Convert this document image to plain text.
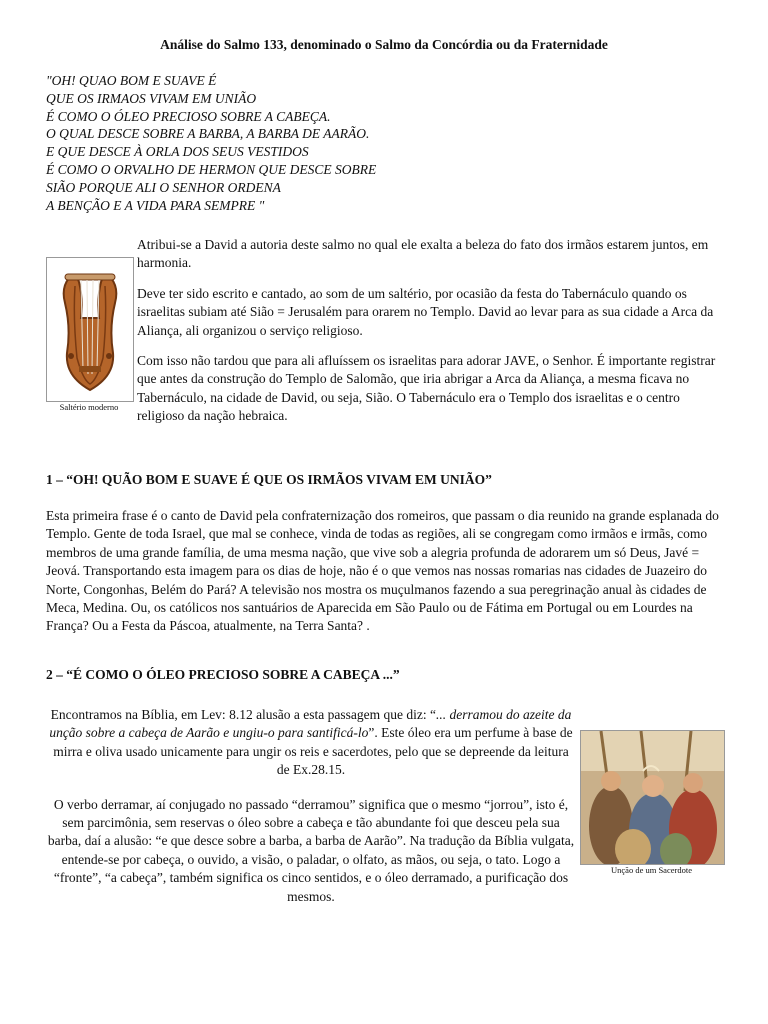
Análise do Salmo 133, denominado o Salmo da Concórdia ou da Fraternidade
"OH! QUAO BOM E SUAVE É
QUE OS IRMAOS VIVAM EM UNIÃO
É COMO O ÓLEO PRECIOSO SOBRE A CABEÇA.
O QUAL DESCE SOBRE A BARBA, A BARBA DE AARÃO.
E QUE DESCE À ORLA DOS SEUS VESTIDOS
É COMO O ORVALHO DE HERMON QUE DESCE SOBRE
SIÃO PORQUE ALI O SENHOR ORDENA
A BENÇÃO E A VIDA PARA SEMPRE "
Saltério moderno

Atribui-se a David a autoria deste salmo no qual ele exalta a beleza do fato dos irmãos estarem juntos, em harmonia.

Deve ter sido escrito e cantado, ao som de um saltério, por ocasião da festa do Tabernáculo quando os israelitas subiam até Sião = Jerusalém para orarem no Templo. David ao levar para as sua cidade a Arca da Aliança, ali organizou o serviço religioso.

Com isso não tardou que para ali afluíssem os israelitas para adorar JAVE, o Senhor. É importante registrar que antes da construção do Templo de Salomão, que iria abrigar a Arca da Aliança, a mesma ficava no Tabernáculo, na cidade de David, ou seja, Sião. O Tabernáculo era o Templo dos israelitas e o centro religioso da nação hebraica.

1 – “OH! QUÃO BOM E SUAVE É QUE OS IRMÃOS VIVAM EM UNIÃO”
Esta primeira frase é o canto de David pela confraternização dos romeiros, que passam o dia reunido na grande esplanada do Templo. Gente de toda Israel, que mal se conhece, vinda de todas as regiões, ali se congregam como irmãos e irmãs, como membros de uma grande família, de uma mesma nação, que vive sob a alegria profunda de adorarem um só Deus, Javé = Jeová. Transportando esta imagem para os dias de hoje, não é o que vemos nas nossas romarias nas cidades de Juazeiro do Norte, Congonhas, Belém do Pará? A televisão nos mostra os muçulmanos fazendo a sua peregrinação anual às cidades de Meca, Medina. Ou, os católicos nos santuários de Aparecida em São Paulo ou de Fátima em Portugal ou em Lourdes na França? Ou a Festa da Páscoa, atualmente, na Terra Santa? .
2 – “É COMO O ÓLEO PRECIOSO SOBRE A CABEÇA ...”

Encontramos na Bíblia, em Lev: 8.12 alusão a esta passagem que diz: “... derramou do azeite da unção sobre a cabeça de Aarão e ungiu-o para santificá-lo”. Este óleo era um perfume à base de mirra e oliva usado unicamente para ungir os reis e sacerdotes, pelo que se depreende da leitura de Ex.28.15.

O verbo derramar, aí conjugado no passado “derramou” significa que o mesmo “jorrou”, isto é, sem parcimônia, sem reservas o óleo sobre a cabeça e tão abundante foi que desceu pela sua barba, daí a alusão: “e que desce sobre a barba, a barba de Aarão”. Na tradução da Bíblia vulgata, entende-se por cabeça, o ouvido, a visão, o paladar, o olfato, as mãos, ou seja, o tato. Logo a “fronte”, “a cabeça”, também significa os cinco sentidos, e o óleo derramado, a purificação dos mesmos.

Unção de um Sacerdote
